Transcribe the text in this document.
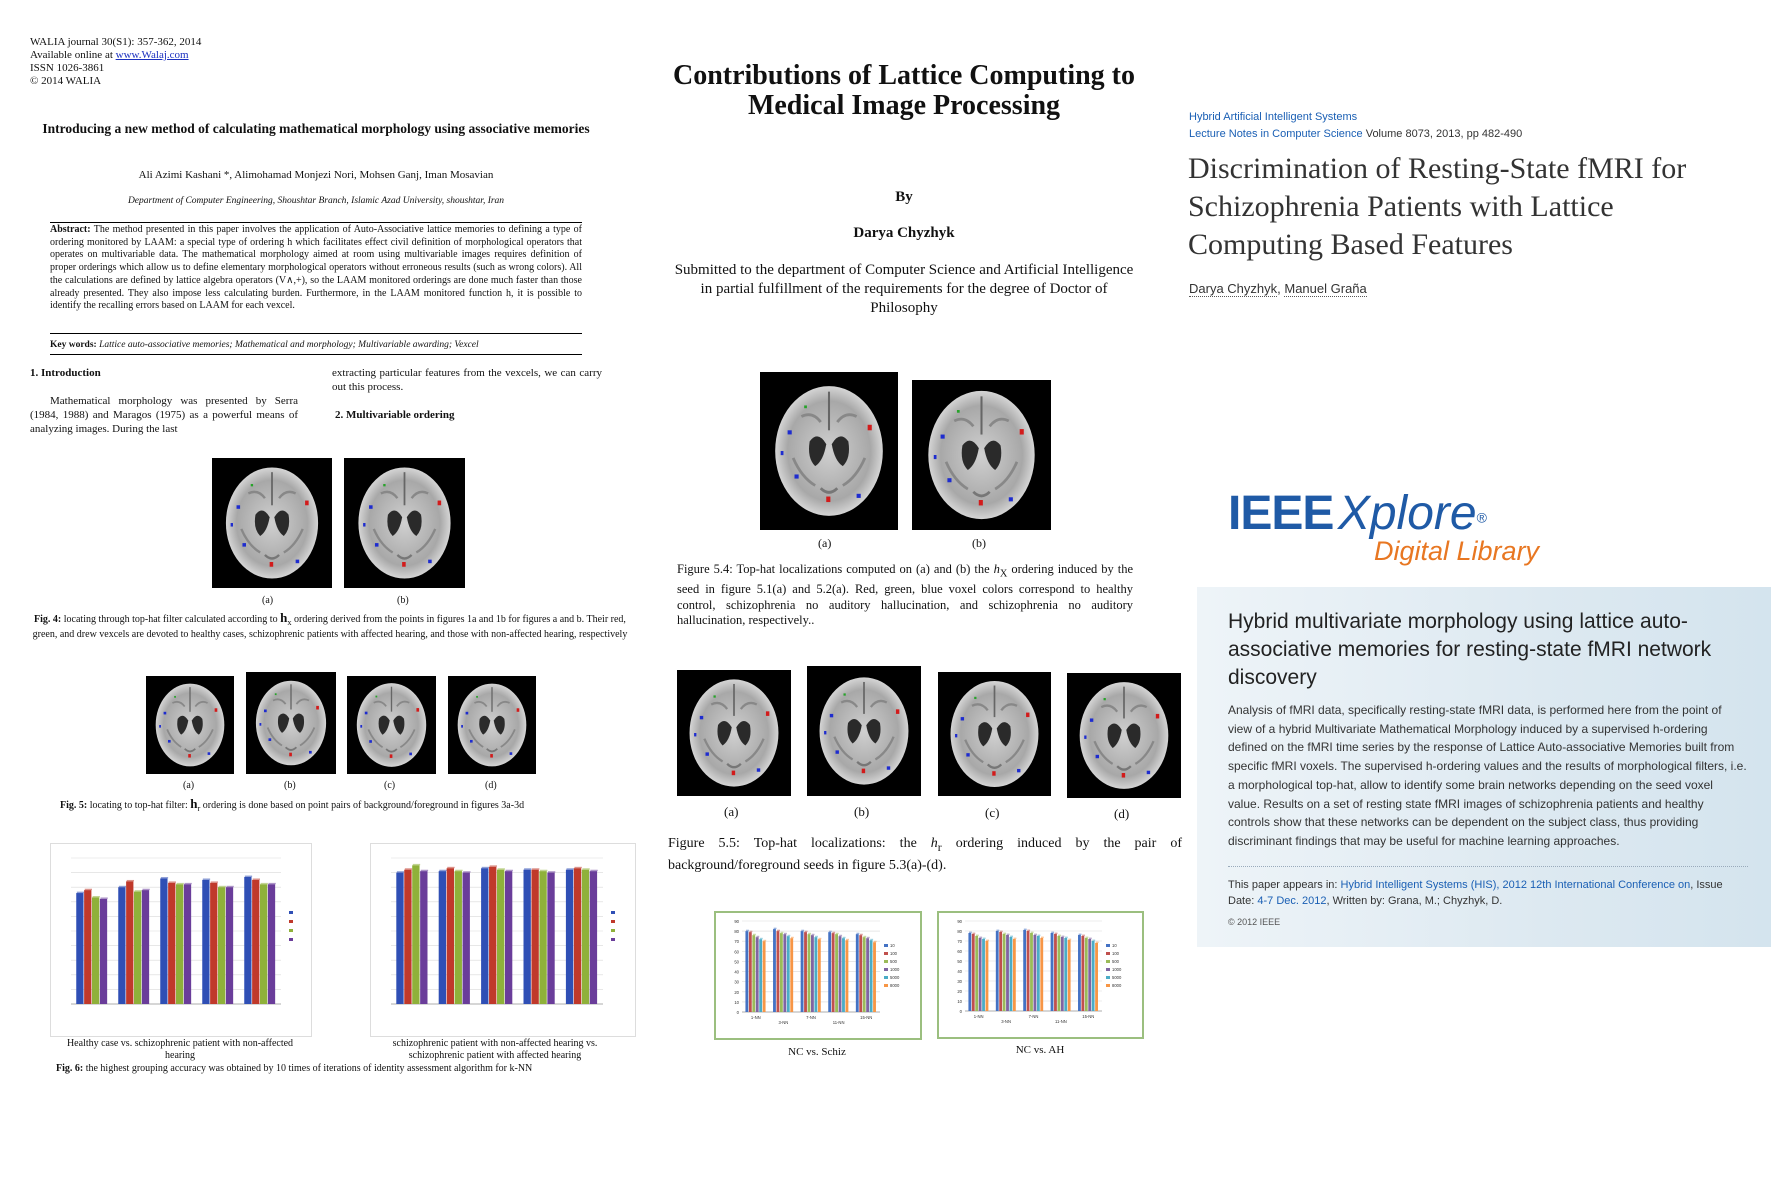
WALIA journal 30(S1): 357-362, 2014
Available online at www.Walaj.com
ISSN 1026-3861
© 2014 WALIA
Introducing a new method of calculating mathematical morphology using associative memories
Ali Azimi Kashani *, Alimohamad Monjezi Nori, Mohsen Ganj, Iman Mosavian
Department of Computer Engineering, Shoushtar Branch, Islamic Azad University, shoushtar, Iran
Abstract: The method presented in this paper involves the application of Auto-Associative lattice memories to defining a type of ordering monitored by LAAM: a special type of ordering h which facilitates effect civil definition of morphological operators that operates on multivariable data. The mathematical morphology aimed at room using multivariable images requires definition of proper orderings which allow us to define elementary morphological operators without erroneous results (such as wrong colors). All the calculations are defined by lattice algebra operators (V∧,+), so the LAAM monitored orderings are done much faster than those already presented. They also impose less calculating burden. Furthermore, in the LAAM monitored function h, it is possible to identify the recalling errors based on LAAM for each vexcel.
Key words: Lattice auto-associative memories; Mathematical and morphology; Multivariable awarding; Vexcel
1. Introduction
Mathematical morphology was presented by Serra (1984, 1988) and Maragos (1975) as a powerful means of analyzing images. During the last
extracting particular features from the vexcels, we can carry out this process.
2. Multivariable ordering
(a)	(b)
Fig. 4: locating through top-hat filter calculated according to $h_x$ ordering derived from the points in figures 1a and 1b for figures a and b. Their red, green, and drew vexcels are devoted to healthy cases, schizophrenic patients with affected hearing, and those with non-affected hearing, respectively
(a)	(b)	(c)	(d)
Fig. 5: locating to top-hat filter: $h_r$ ordering is done based on point pairs of background/foreground in figures 3a-3d
Healthy case vs. schizophrenic patient with non-affected hearing
schizophrenic patient with non-affected hearing vs. schizophrenic patient with affected hearing
Fig. 6: the highest grouping accuracy was obtained by 10 times of iterations of identity assessment algorithm for k-NN
Contributions of Lattice Computing to Medical Image Processing
By
Darya Chyzhyk
Submitted to the department of Computer Science and Artificial Intelligence in partial fulfillment of the requirements for the degree of Doctor of Philosophy
(a)	(b)
Figure 5.4: Top-hat localizations computed on (a) and (b) the $h_X$ ordering induced by the seed in figure 5.1(a) and 5.2(a). Red, green, blue voxel colors correspond to healthy control, schizophrenia no auditory hallucination, and schizophrenia no auditory hallucination, respectively..
(a)	(b)	(c)	(d)
Figure 5.5: Top-hat localizations: the $h_r$ ordering induced by the pair of background/foreground seeds in figure 5.3(a)-(d).
0
10
20
30
40
50
60
70
80
90
1-NN
3-NN
7-NN
11-NN
15-NN
10
100
500
1000
5000
8000
0
10
20
30
40
50
60
70
80
90
1-NN
3-NN
7-NN
11-NN
15-NN
10
100
500
1000
5000
8000
NC vs. Schiz	NC vs. AH
Hybrid Artificial Intelligent Systems
Lecture Notes in Computer Science Volume 8073, 2013, pp 482-490
Discrimination of Resting-State fMRI for Schizophrenia Patients with Lattice Computing Based Features
Darya Chyzhyk, Manuel Graña
IEEE Xplore®
Digital Library
Hybrid multivariate morphology using lattice auto-associative memories for resting-state fMRI network discovery
Analysis of fMRI data, specifically resting-state fMRI data, is performed here from the point of view of a hybrid Multivariate Mathematical Morphology induced by a supervised h-ordering defined on the fMRI time series by the response of Lattice Auto-associative Memories built from specific fMRI voxels. The supervised h-ordering values and the results of morphological filters, i.e. a morphological top-hat, allow to identify some brain networks depending on the seed voxel value. Results on a set of resting state fMRI images of schizophrenia patients and healthy controls show that these networks can be dependent on the subject class, thus providing discriminant findings that may be useful for machine learning approaches.
This paper appears in: Hybrid Intelligent Systems (HIS), 2012 12th International Conference on, Issue Date: 4-7 Dec. 2012, Written by: Grana, M.; Chyzhyk, D.
© 2012 IEEE
